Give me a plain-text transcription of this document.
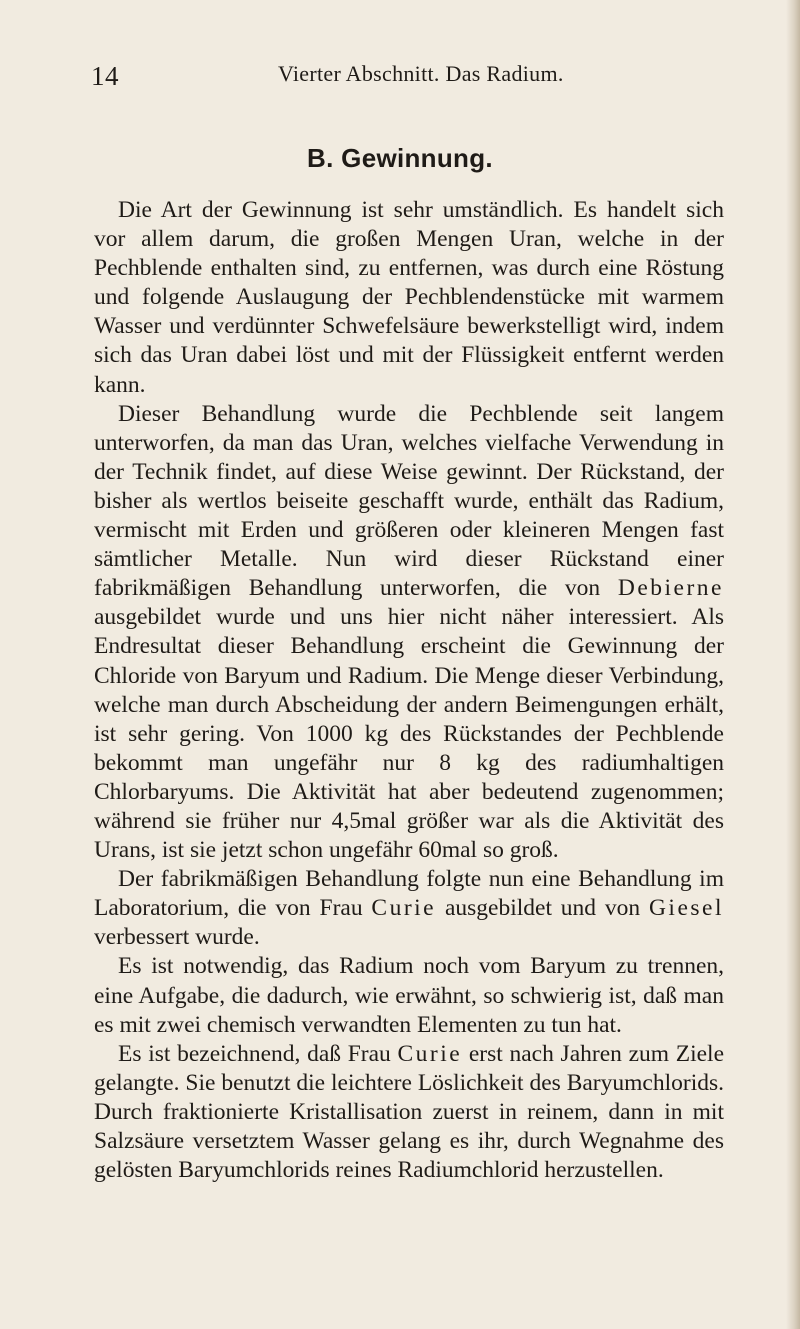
14	Vierter Abschnitt. Das Radium.
B. Gewinnung.

Die Art der Gewinnung ist sehr umständlich. Es handelt sich vor allem darum, die großen Mengen Uran, welche in der Pechblende enthalten sind, zu entfernen, was durch eine Röstung und folgende Auslaugung der Pechblendenstücke mit warmem Wasser und verdünnter Schwefelsäure bewerkstelligt wird, indem sich das Uran dabei löst und mit der Flüssigkeit entfernt werden kann.

Dieser Behandlung wurde die Pechblende seit langem unterworfen, da man das Uran, welches vielfache Verwendung in der Technik findet, auf diese Weise gewinnt. Der Rückstand, der bisher als wertlos beiseite geschafft wurde, enthält das Radium, vermischt mit Erden und größeren oder kleineren Mengen fast sämtlicher Metalle. Nun wird dieser Rückstand einer fabrikmäßigen Behandlung unterworfen, die von Debierne ausgebildet wurde und uns hier nicht näher interessiert. Als Endresultat dieser Behandlung erscheint die Gewinnung der Chloride von Baryum und Radium. Die Menge dieser Verbindung, welche man durch Abscheidung der andern Beimengungen erhält, ist sehr gering. Von 1000 kg des Rückstandes der Pechblende bekommt man ungefähr nur 8 kg des radiumhaltigen Chlorbaryums. Die Aktivität hat aber bedeutend zugenommen; während sie früher nur 4,5mal größer war als die Aktivität des Urans, ist sie jetzt schon ungefähr 60mal so groß.

Der fabrikmäßigen Behandlung folgte nun eine Behandlung im Laboratorium, die von Frau Curie ausgebildet und von Giesel verbessert wurde.

Es ist notwendig, das Radium noch vom Baryum zu trennen, eine Aufgabe, die dadurch, wie erwähnt, so schwierig ist, daß man es mit zwei chemisch verwandten Elementen zu tun hat.

Es ist bezeichnend, daß Frau Curie erst nach Jahren zum Ziele gelangte. Sie benutzt die leichtere Löslichkeit des Baryumchlorids. Durch fraktionierte Kristallisation zuerst in reinem, dann in mit Salzsäure versetztem Wasser gelang es ihr, durch Wegnahme des gelösten Baryumchlorids reines Radiumchlorid herzustellen.
